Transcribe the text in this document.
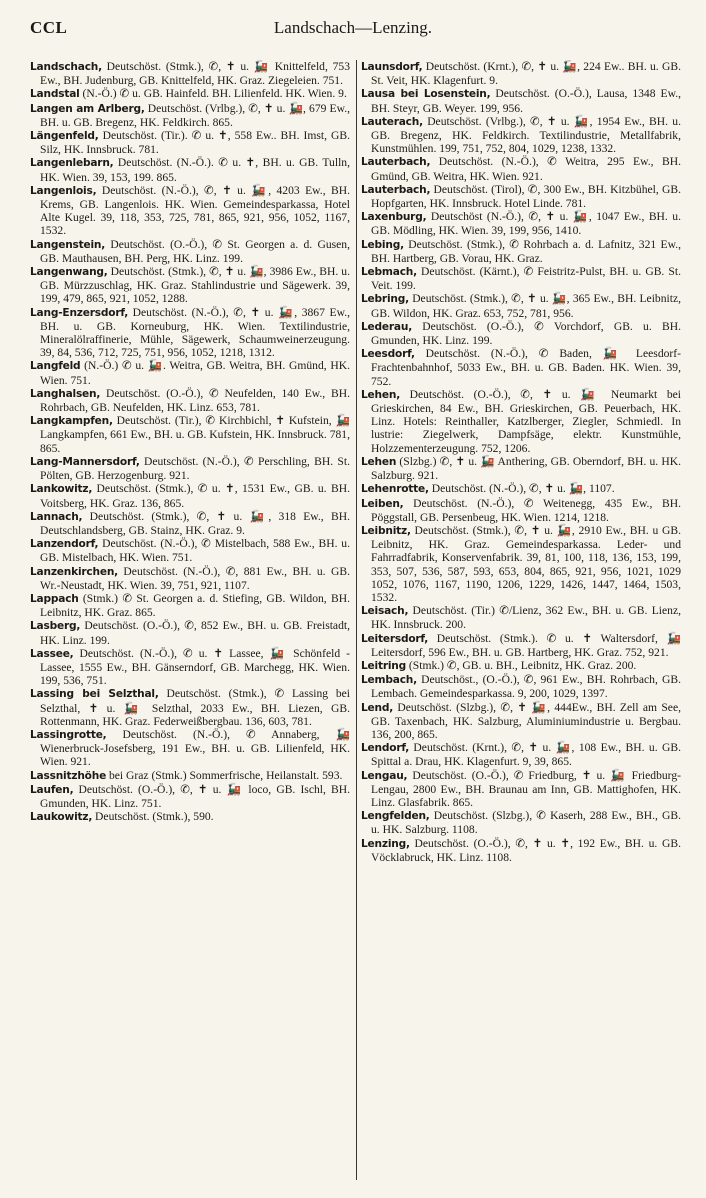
CCL	Landschach—Lenzing.

Landschach, Deutschöst. (Stmk.), ✆, ✝ u. 🚂 Knittelfeld, 753 Ew., BH. Judenburg, GB. Knittelfeld, HK. Graz. Ziegeleien. 751.

Landstal (N.-Ö.) ✆ u. GB. Hainfeld. BH. Lilienfeld. HK. Wien. 9.

Langen am Arlberg, Deutschöst. (Vrlbg.), ✆, ✝ u. 🚂, 679 Ew., BH. u. GB. Bregenz, HK. Feldkirch. 865.

Längenfeld, Deutschöst. (Tir.). ✆ u. ✝, 558 Ew.. BH. Imst, GB. Silz, HK. Innsbruck. 781.

Langenlebarn, Deutschöst. (N.-Ö.). ✆ u. ✝, BH. u. GB. Tulln, HK. Wien. 39, 153, 199. 865.

Langenlois, Deutschöst. (N.-Ö.), ✆, ✝ u. 🚂, 4203 Ew., BH. Krems, GB. Langenlois. HK. Wien. Gemeindesparkassa, Hotel Alte Kugel. 39, 118, 353, 725, 781, 865, 921, 956, 1052, 1167, 1532.

Langenstein, Deutschöst. (O.-Ö.), ✆ St. Georgen a. d. Gusen, GB. Mauthausen, BH. Perg, HK. Linz. 199.

Langenwang, Deutschöst. (Stmk.), ✆, ✝ u. 🚂, 3986 Ew., BH. u. GB. Mürzzuschlag, HK. Graz. Stahlindustrie und Sägewerk. 39, 199, 479, 865, 921, 1052, 1288.

Lang-Enzersdorf, Deutschöst. (N.-Ö.), ✆, ✝ u. 🚂, 3867 Ew., BH. u. GB. Korneuburg, HK. Wien. Textilindustrie, Mineralölraffinerie, Mühle, Sägewerk, Schaumweinerzeugung. 39, 84, 536, 712, 725, 751, 956, 1052, 1218, 1312.

Langfeld (N.-Ö.) ✆ u. 🚂. Weitra, GB. Weitra, BH. Gmünd, HK. Wien. 751.

Langhalsen, Deutschöst. (O.-Ö.), ✆ Neufelden, 140 Ew., BH. Rohrbach, GB. Neufelden, HK. Linz. 653, 781.

Langkampfen, Deutschöst. (Tir.), ✆ Kirchbichl, ✝ Kufstein, 🚂 Langkampfen, 661 Ew., BH. u. GB. Kufstein, HK. Innsbruck. 781, 865.

Lang-Mannersdorf, Deutschöst. (N.-Ö.), ✆ Perschling, BH. St. Pölten, GB. Herzogenburg. 921.

Lankowitz, Deutschöst. (Stmk.), ✆ u. ✝, 1531 Ew., GB. u. BH. Voitsberg, HK. Graz. 136, 865.

Lannach, Deutschöst. (Stmk.), ✆, ✝ u. 🚂, 318 Ew., BH. Deutschlandsberg, GB. Stainz, HK. Graz. 9.

Lanzendorf, Deutschöst. (N.-Ö.), ✆ Mistelbach, 588 Ew., BH. u. GB. Mistelbach, HK. Wien. 751.

Lanzenkirchen, Deutschöst. (N.-Ö.), ✆, 881 Ew., BH. u. GB. Wr.-Neustadt, HK. Wien. 39, 751, 921, 1107.

Lappach (Stmk.) ✆ St. Georgen a. d. Stiefing, GB. Wildon, BH. Leibnitz, HK. Graz. 865.

Lasberg, Deutschöst. (O.-Ö.), ✆, 852 Ew., BH. u. GB. Freistadt, HK. Linz. 199.

Lassee, Deutschöst. (N.-Ö.), ✆ u. ✝ Lassee, 🚂 Schönfeld - Lassee, 1555 Ew., BH. Gänserndorf, GB. Marchegg, HK. Wien. 199, 536, 751.

Lassing bei Selzthal, Deutschöst. (Stmk.), ✆ Lassing bei Selzthal, ✝ u. 🚂 Selzthal, 2033 Ew., BH. Liezen, GB. Rottenmann, HK. Graz. Federweißbergbau. 136, 603, 781.

Lassingrotte, Deutschöst. (N.-Ö.), ✆ Annaberg, 🚂 Wienerbruck-Josefsberg, 191 Ew., BH. u. GB. Lilienfeld, HK. Wien. 921.

Lassnitzhöhe bei Graz (Stmk.) Sommerfrische, Heilanstalt. 593.

Laufen, Deutschöst. (O.-Ö.), ✆, ✝ u. 🚂 loco, GB. Ischl, BH. Gmunden, HK. Linz. 751.

Laukowitz, Deutschöst. (Stmk.), 590.

Launsdorf, Deutschöst. (Krnt.), ✆, ✝ u. 🚂, 224 Ew.. BH. u. GB. St. Veit, HK. Klagenfurt. 9.

Lausa bei Losenstein, Deutschöst. (O.-Ö.), Lausa, 1348 Ew., BH. Steyr, GB. Weyer. 199, 956.

Lauterach, Deutschöst. (Vrlbg.), ✆, ✝ u. 🚂, 1954 Ew., BH. u. GB. Bregenz, HK. Feldkirch. Textilindustrie, Metallfabrik, Kunstmühlen. 199, 751, 752, 804, 1029, 1238, 1332.

Lauterbach, Deutschöst. (N.-Ö.), ✆ Weitra, 295 Ew., BH. Gmünd, GB. Weitra, HK. Wien. 921.

Lauterbach, Deutschöst. (Tirol), ✆, 300 Ew., BH. Kitzbühel, GB. Hopfgarten, HK. Innsbruck. Hotel Linde. 781.

Laxenburg, Deutschöst (N.-Ö.), ✆, ✝ u. 🚂, 1047 Ew., BH. u. GB. Mödling, HK. Wien. 39, 199, 956, 1410.

Lebing, Deutschöst. (Stmk.), ✆ Rohrbach a. d. Lafnitz, 321 Ew., BH. Hartberg, GB. Vorau, HK. Graz.

Lebmach, Deutschöst. (Kärnt.), ✆ Feistritz-Pulst, BH. u. GB. St. Veit. 199.

Lebring, Deutschöst. (Stmk.), ✆, ✝ u. 🚂, 365 Ew., BH. Leibnitz, GB. Wildon, HK. Graz. 653, 752, 781, 956.

Lederau, Deutschöst. (O.-Ö.), ✆ Vorchdorf, GB. u. BH. Gmunden, HK. Linz. 199.

Leesdorf, Deutschöst. (N.-Ö.), ✆ Baden, 🚂 Leesdorf-Frachtenbahnhof, 5033 Ew., BH. u. GB. Baden. HK. Wien. 39, 752.

Lehen, Deutschöst. (O.-Ö.), ✆, ✝ u. 🚂 Neumarkt bei Grieskirchen, 84 Ew., BH. Grieskirchen, GB. Peuerbach, HK. Linz. Hotels: Reinthaller, Katzlberger, Ziegler, Schmiedl. In lustrie: Ziegelwerk, Dampfsäge, elektr. Kunstmühle, Holzzementerzeugung. 752, 1206.

Lehen (Slzbg.) ✆, ✝ u. 🚂 Anthering, GB. Oberndorf, BH. u. HK. Salzburg. 921.

Lehenrotte, Deutschöst. (N.-Ö.), ✆, ✝ u. 🚂, 1107.

Leiben, Deutschöst. (N.-Ö.), ✆ Weitenegg, 435 Ew., BH. Pöggstall, GB. Persenbeug, HK. Wien. 1214, 1218.

Leibnitz, Deutschöst. (Stmk.), ✆, ✝ u. 🚂, 2910 Ew., BH. u GB. Leibnitz, HK. Graz. Gemeindesparkassa. Leder- und Fahrradfabrik, Konservenfabrik. 39, 81, 100, 118, 136, 153, 199, 353, 507, 536, 587, 593, 653, 804, 865, 921, 956, 1021, 1029 1052, 1076, 1167, 1190, 1206, 1229, 1426, 1447, 1464, 1503, 1532.

Leisach, Deutschöst. (Tir.) ✆/Lienz, 362 Ew., BH. u. GB. Lienz, HK. Innsbruck. 200.

Leitersdorf, Deutschöst. (Stmk.). ✆ u. ✝ Waltersdorf, 🚂 Leitersdorf, 596 Ew., BH. u. GB. Hartberg, HK. Graz. 752, 921.

Leitring (Stmk.) ✆, GB. u. BH., Leibnitz, HK. Graz. 200.

Lembach, Deutschöst., (O.-Ö.), ✆, 961 Ew., BH. Rohrbach, GB. Lembach. Gemeindesparkassa. 9, 200, 1029, 1397.

Lend, Deutschöst. (Slzbg.), ✆, ✝ 🚂, 444Ew., BH. Zell am See, GB. Taxenbach, HK. Salzburg, Aluminiumindustrie u. Bergbau. 136, 200, 865.

Lendorf, Deutschöst. (Krnt.), ✆, ✝ u. 🚂, 108 Ew., BH. u. GB. Spittal a. Drau, HK. Klagenfurt. 9, 39, 865.

Lengau, Deutschöst. (O.-Ö.), ✆ Friedburg, ✝ u. 🚂 Friedburg-Lengau, 2800 Ew., BH. Braunau am Inn, GB. Mattighofen, HK. Linz. Glasfabrik. 865.

Lengfelden, Deutschöst. (Slzbg.), ✆ Kaserh, 288 Ew., BH., GB. u. HK. Salzburg. 1108.

Lenzing, Deutschöst. (O.-Ö.), ✆, ✝ u. ✝, 192 Ew., BH. u. GB. Vöcklabruck, HK. Linz. 1108.
